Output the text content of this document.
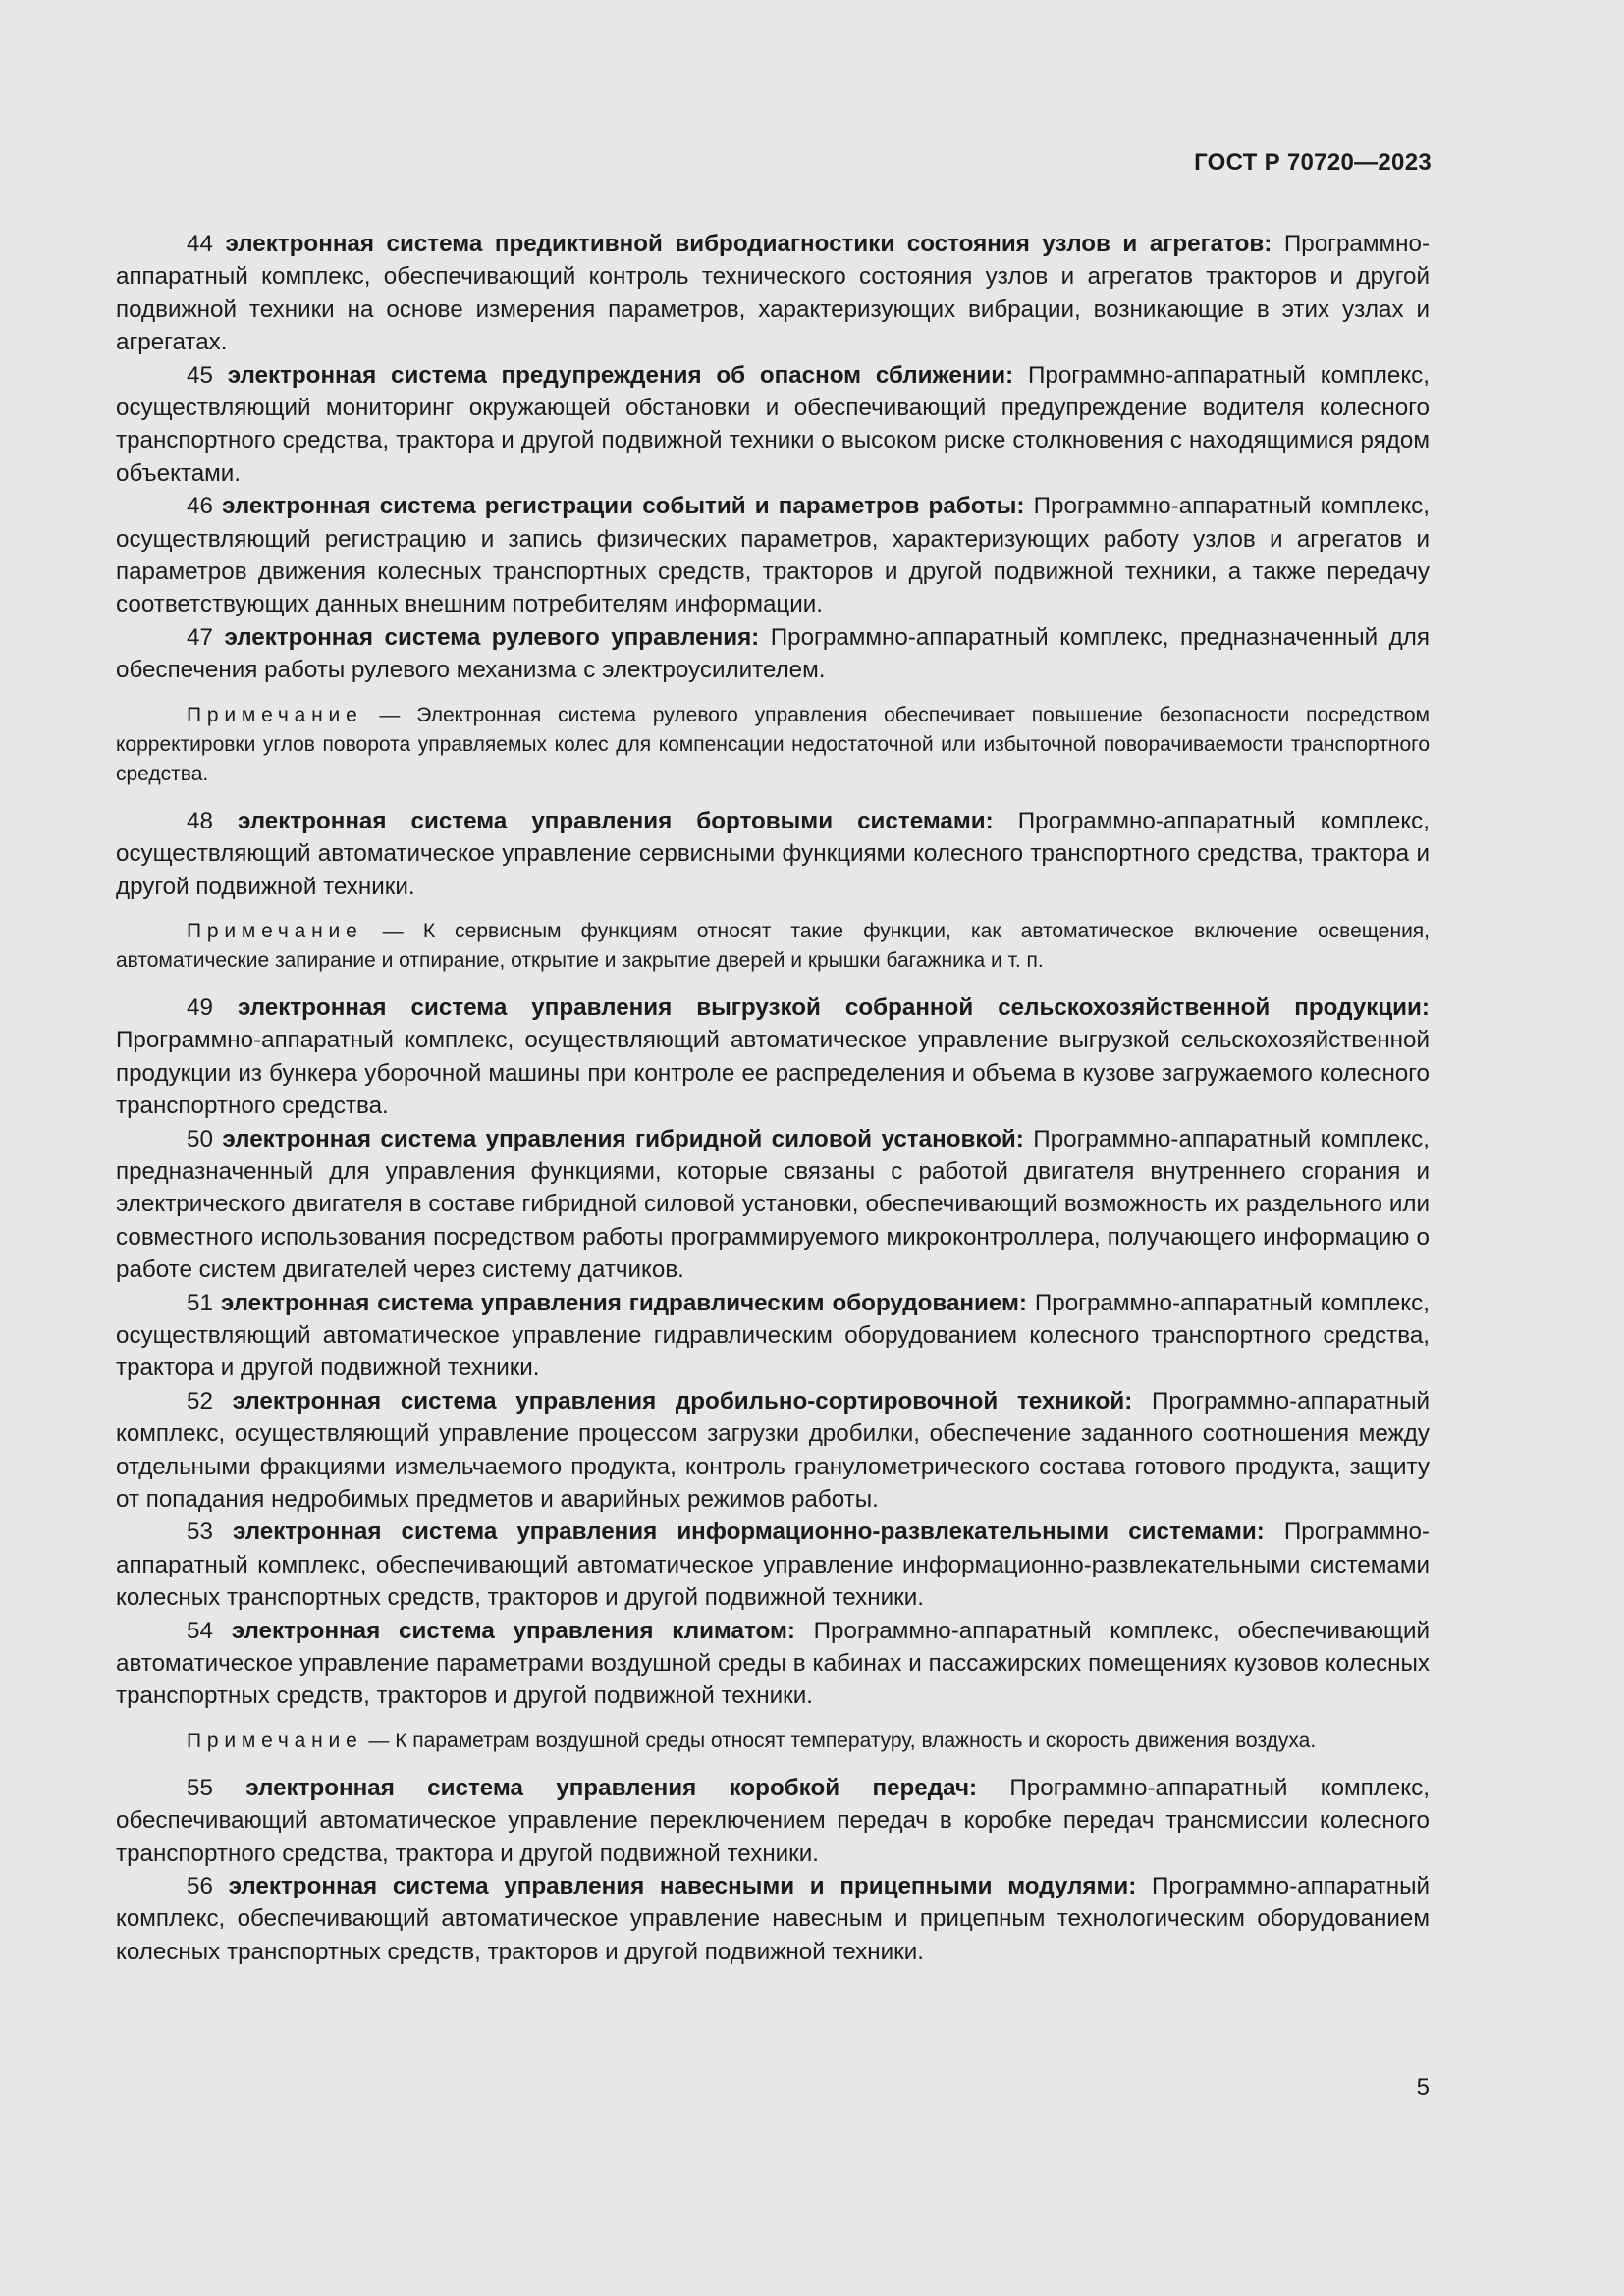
ГОСТ Р 70720—2023

44 электронная система предиктивной вибродиагностики состояния узлов и агрегатов: Программно-аппаратный комплекс, обеспечивающий контроль технического состояния узлов и агрегатов тракторов и другой подвижной техники на основе измерения параметров, характеризующих вибрации, возникающие в этих узлах и агрегатах.

45 электронная система предупреждения об опасном сближении: Программно-аппаратный комплекс, осуществляющий мониторинг окружающей обстановки и обеспечивающий предупреждение водителя колесного транспортного средства, трактора и другой подвижной техники о высоком риске столкновения с находящимися рядом объектами.

46 электронная система регистрации событий и параметров работы: Программно-аппаратный комплекс, осуществляющий регистрацию и запись физических параметров, характеризующих работу узлов и агрегатов и параметров движения колесных транспортных средств, тракторов и другой подвижной техники, а также передачу соответствующих данных внешним потребителям информации.

47 электронная система рулевого управления: Программно-аппаратный комплекс, предназначенный для обеспечения работы рулевого механизма с электроусилителем.

Примечание — Электронная система рулевого управления обеспечивает повышение безопасности посредством корректировки углов поворота управляемых колес для компенсации недостаточной или избыточной поворачиваемости транспортного средства.

48 электронная система управления бортовыми системами: Программно-аппаратный комплекс, осуществляющий автоматическое управление сервисными функциями колесного транспортного средства, трактора и другой подвижной техники.

Примечание — К сервисным функциям относят такие функции, как автоматическое включение освещения, автоматические запирание и отпирание, открытие и закрытие дверей и крышки багажника и т. п.

49 электронная система управления выгрузкой собранной сельскохозяйственной продукции: Программно-аппаратный комплекс, осуществляющий автоматическое управление выгрузкой сельскохозяйственной продукции из бункера уборочной машины при контроле ее распределения и объема в кузове загружаемого колесного транспортного средства.

50 электронная система управления гибридной силовой установкой: Программно-аппаратный комплекс, предназначенный для управления функциями, которые связаны с работой двигателя внутреннего сгорания и электрического двигателя в составе гибридной силовой установки, обеспечивающий возможность их раздельного или совместного использования посредством работы программируемого микроконтроллера, получающего информацию о работе систем двигателей через систему датчиков.

51 электронная система управления гидравлическим оборудованием: Программно-аппаратный комплекс, осуществляющий автоматическое управление гидравлическим оборудованием колесного транспортного средства, трактора и другой подвижной техники.

52 электронная система управления дробильно-сортировочной техникой: Программно-аппаратный комплекс, осуществляющий управление процессом загрузки дробилки, обеспечение заданного соотношения между отдельными фракциями измельчаемого продукта, контроль гранулометрического состава готового продукта, защиту от попадания недробимых предметов и аварийных режимов работы.

53 электронная система управления информационно-развлекательными системами: Программно-аппаратный комплекс, обеспечивающий автоматическое управление информационно-развлекательными системами колесных транспортных средств, тракторов и другой подвижной техники.

54 электронная система управления климатом: Программно-аппаратный комплекс, обеспечивающий автоматическое управление параметрами воздушной среды в кабинах и пассажирских помещениях кузовов колесных транспортных средств, тракторов и другой подвижной техники.

Примечание — К параметрам воздушной среды относят температуру, влажность и скорость движения воздуха.

55 электронная система управления коробкой передач: Программно-аппаратный комплекс, обеспечивающий автоматическое управление переключением передач в коробке передач трансмиссии колесного транспортного средства, трактора и другой подвижной техники.

56 электронная система управления навесными и прицепными модулями: Программно-аппаратный комплекс, обеспечивающий автоматическое управление навесным и прицепным технологическим оборудованием колесных транспортных средств, тракторов и другой подвижной техники.

5
